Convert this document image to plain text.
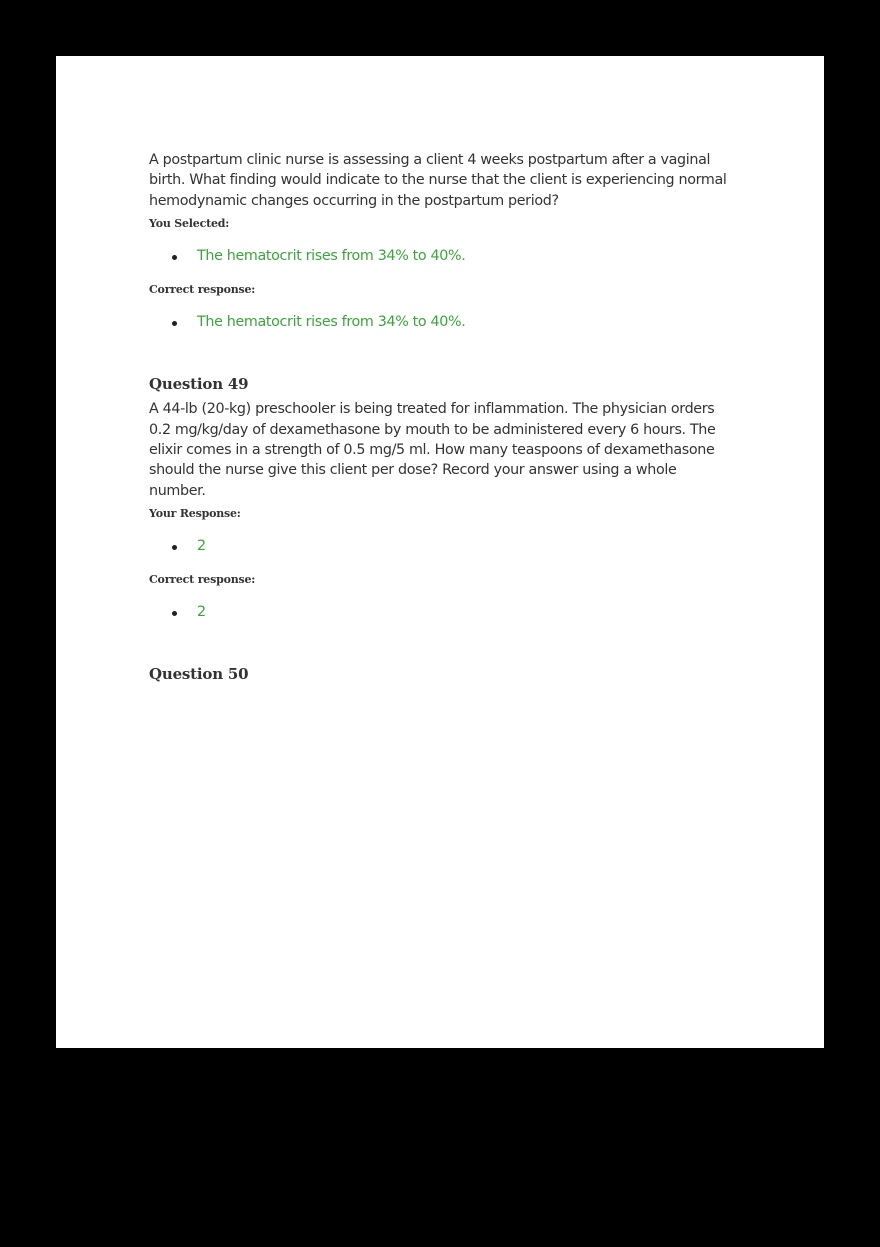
A postpartum clinic nurse is assessing a client 4 weeks postpartum after a vaginal birth. What finding would indicate to the nurse that the client is experiencing normal hemodynamic changes occurring in the postpartum period?

You Selected:

The hematocrit rises from 34% to 40%.

Correct response:

The hematocrit rises from 34% to 40%.
Question 49

A 44-lb (20-kg) preschooler is being treated for inflammation. The physician orders 0.2 mg/kg/day of dexamethasone by mouth to be administered every 6 hours. The elixir comes in a strength of 0.5 mg/5 ml. How many teaspoons of dexamethasone should the nurse give this client per dose? Record your answer using a whole number.

Your Response:

2

Correct response:

2
Question 50
